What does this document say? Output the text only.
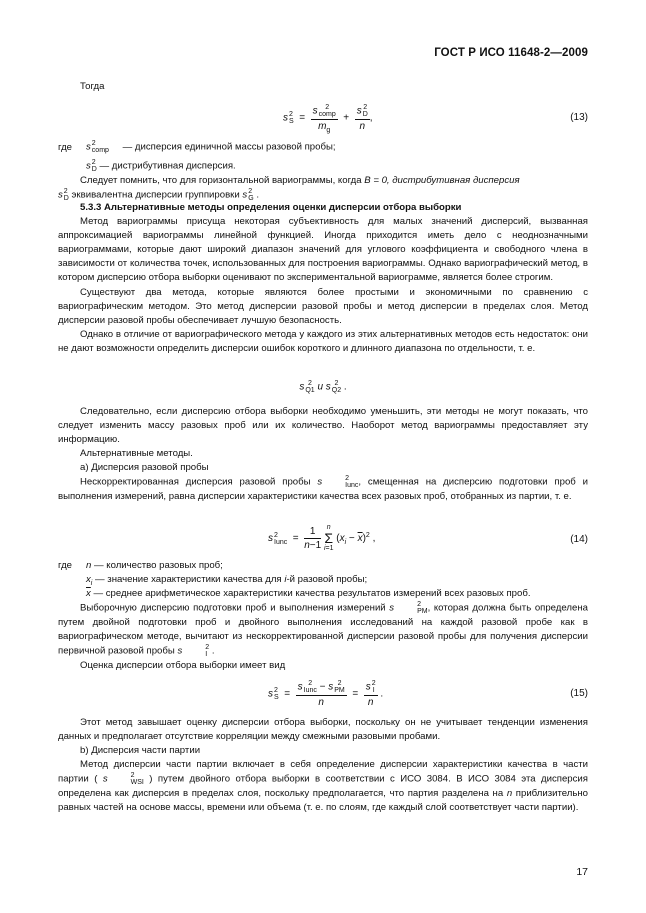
ГОСТ Р ИСО 11648-2—2009

Тогда

s 2
S = s	2
comp
$m_g + s$ 2
D
n ,	(13)
где s 2
comp — дисперсия единичной массы разовой пробы;
s 2
D — дистрибутивная дисперсия.

Следует помнить, что для горизонтальной вариограммы, когда B = 0, дистрибутивная дисперсия

s 2
D эквивалентна дисперсии группировки s 2
G .

5.3.3 Альтернативные методы определения оценки дисперсии отбора выборки

Метод вариограммы присуща некоторая субъективность для малых значений дисперсий, вызванная аппроксимацией вариограммы линейной функцией. Иногда приходится иметь дело с неоднозначными вариограммами, которые дают широкий диапазон значений для углового коэффициента и свободного члена в зависимости от количества точек, использованных для построения вариограммы. Однако вариографический метод, в котором дисперсию отбора выборки оценивают по экспериментальной вариограмме, является более строгим.

Существуют два метода, которые являются более простыми и экономичными по сравнению с вариографическим методом. Это метод дисперсии разовой пробы и метод дисперсии в пределах слоя. Метод дисперсии разовой пробы обеспечивает лучшую безопасность.

Однако в отличие от вариографического метода у каждого из этих альтернативных методов есть недостаток: они не дают возможности определить дисперсии ошибок короткого и длинного диапазона по отдельности, т. е.

s 2
Q1 и s 2
Q2 .

Следовательно, если дисперсию отбора выборки необходимо уменьшить, эти методы не могут показать, что следует изменить массу разовых проб или их количество. Наоборот метод вариограммы предоставляет эту информацию.

Альтернативные методы.

а) Дисперсия разовой пробы

Нескорректированная дисперсия разовой пробы s	2
Iunc , смещенная на дисперсию подготовки проб и выполнения измерений, равна дисперсии характеристики качества всех разовых проб, отобранных из партии, т. е.

s 2
Iunc = $\frac{1}{n-1}$
n
Σ
i=1
$(x_i - \overline{x})^2$ ,	(14)
где n — количество разовых проб;
$x_i$ — значение характеристики качества для i-й разовой пробы;
$\overline{x}$ — среднее арифметическое характеристики качества результатов измерений всех разовых проб.

Выборочную дисперсию подготовки проб и выполнения измерений s	2
PM , которая должна быть определена путем двойной подготовки проб и двойного выполнения исследований на каждой разовой пробе как в вариографическом методе, вычитают из нескорректированной дисперсии разовой пробы для получения дисперсии первичной разовой пробы s	2
I .

Оценка дисперсии отбора выборки имеет вид

s 2
S = s 2
Iunc − s 2
PM
n = s 2
I
n .	(15)

Этот метод завышает оценку дисперсии отбора выборки, поскольку он не учитывает тенденции изменения данных и предполагает отсутствие корреляции между смежными разовыми пробами.

b) Дисперсия части партии

Метод дисперсии части партии включает в себя определение дисперсии характеристики качества в части партии ( s	2
WSI ) путем двойного отбора выборки в соответствии с ИСО 3084. В ИСО 3084 эта дисперсия определена как дисперсия в пределах слоя, поскольку предполагается, что партия разделена на n приблизительно равных частей на основе массы, времени или объема (т. е. по слоям, где каждый слой соответствует части партии).

17
